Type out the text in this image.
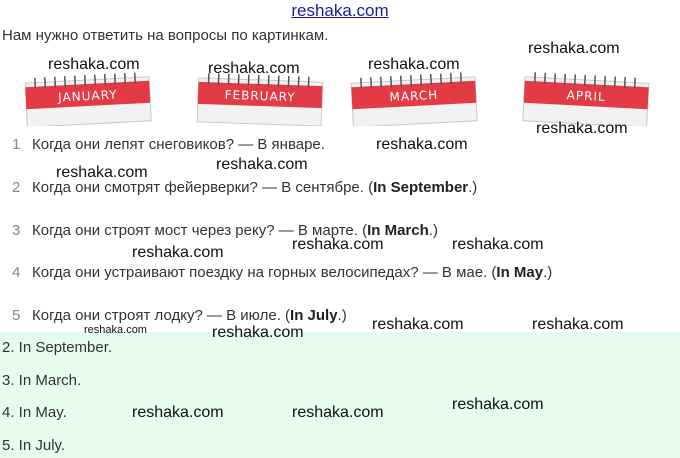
reshaka.com
Нам нужно ответить на вопросы по картинкам.
JANUARY	FEBRUARY	MARCH	APRIL
1 Когда они лепят снеговиков? — В январе.
2 Когда они смотрят фейерверки? — В сентябре. (In September.)
3 Когда они строят мост через реку? — В марте. (In March.)
4 Когда они устраивают поездку на горных велосипедах? — В мае. (In May.)
5 Когда они строят лодку? — В июле. (In July.)
2. In September.
3. In March.
4. In May.
5. In July.
reshaka.com	reshaka.com	reshaka.com
reshaka.com
reshaka.com
reshaka.com
reshaka.com
reshaka.com
reshaka.com	reshaka.com
reshaka.com
reshaka.com	reshaka.com
reshaka.com
reshaka.com
reshaka.com
reshaka.com	reshaka.com
